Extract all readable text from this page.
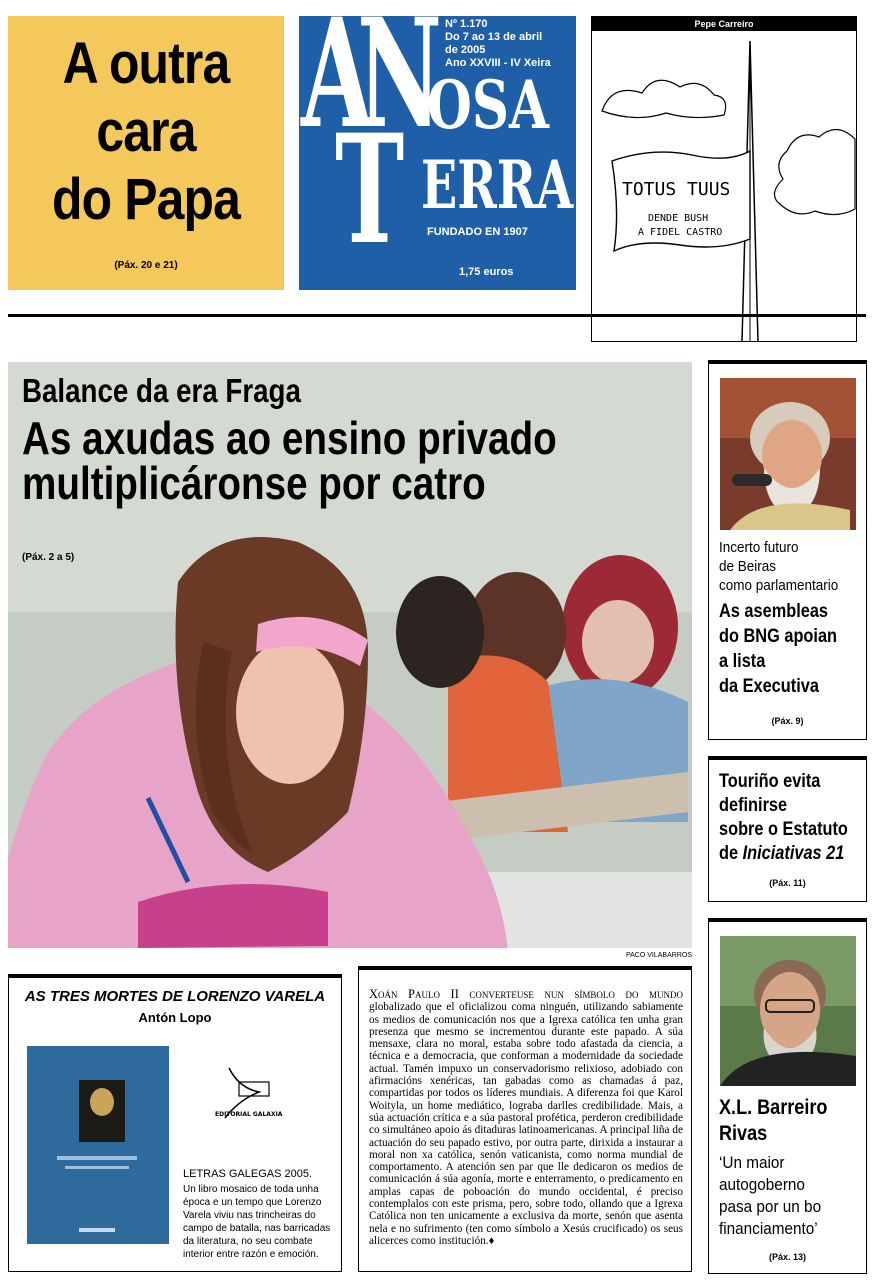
A outra
cara
do Papa
(Páx. 20 e 21)
A
N
OSA
T ERRA
Nº 1.170
Do 7 ao 13 de abril
de 2005
Ano XXVIII - IV Xeira
FUNDADO EN 1907
1,75 euros
Pepe Carreiro
TOTUS TUUS
DENDE BUSH
A FIDEL CASTRO
Balance da era Fraga
As axudas ao ensino privado
multiplicáronse por catro
(Páx. 2 a 5)
PACO VILABARROS
Incerto futuro
de Beiras
como parlamentario
As asembleas
do BNG apoian
a lista
da Executiva
(Páx. 9)
Touriño evita
definirse
sobre o Estatuto
de Iniciativas 21
(Páx. 11)
X.L. Barreiro
Rivas
‘Un maior
autogoberno
pasa por un bo
financiamento’
(Páx. 13)
AS TRES MORTES DE LORENZO VARELA
Antón Lopo
EDITORIAL GALAXIA
LETRAS GALEGAS 2005.
Un libro mosaico de toda unha época e un tempo que Lorenzo Varela viviu nas trincheiras do campo de batalla, nas barricadas da literatura, no seu combate interior entre razón e emoción.

Xoán Paulo II converteuse nun símbolo do mundo globalizado que el oficializou coma ninguén, utilizando sabiamente os medios de comunicación nos que a Igrexa católica ten unha gran presenza que mesmo se incrementou durante este papado. A súa mensaxe, clara no moral, estaba sobre todo afastada da ciencia, a técnica e a democracia, que conforman a modernidade da sociedade actual. Tamén impuxo un conservadorismo relixioso, adobiado con afirmacións xenéricas, tan gabadas como as chamadas á paz, compartidas por todos os líderes mundiais. A diferenza foi que Karol Woityla, un home mediático, lograba darlles credibilidade. Mais, a súa actuación crítica e a súa pastoral profética, perderon credibilidade co simultáneo apoio ás ditaduras latinoamericanas. A principal liña de actuación do seu papado estivo, por outra parte, dirixida a instaurar a moral non xa católica, senón vaticanista, como norma mundial de comportamento. A atención sen par que lle dedicaron os medios de comunicación á súa agonía, morte e enterramento, o predicamento en amplas capas de poboación do mundo occidental, é preciso contemplalos con este prisma, pero, sobre todo, ollando que a Igrexa Católica non ten unicamente a exclusiva da morte, senón que asenta nela e no sufrimento (ten como símbolo a Xesús crucificado) os seus alicerces como institución.♦
